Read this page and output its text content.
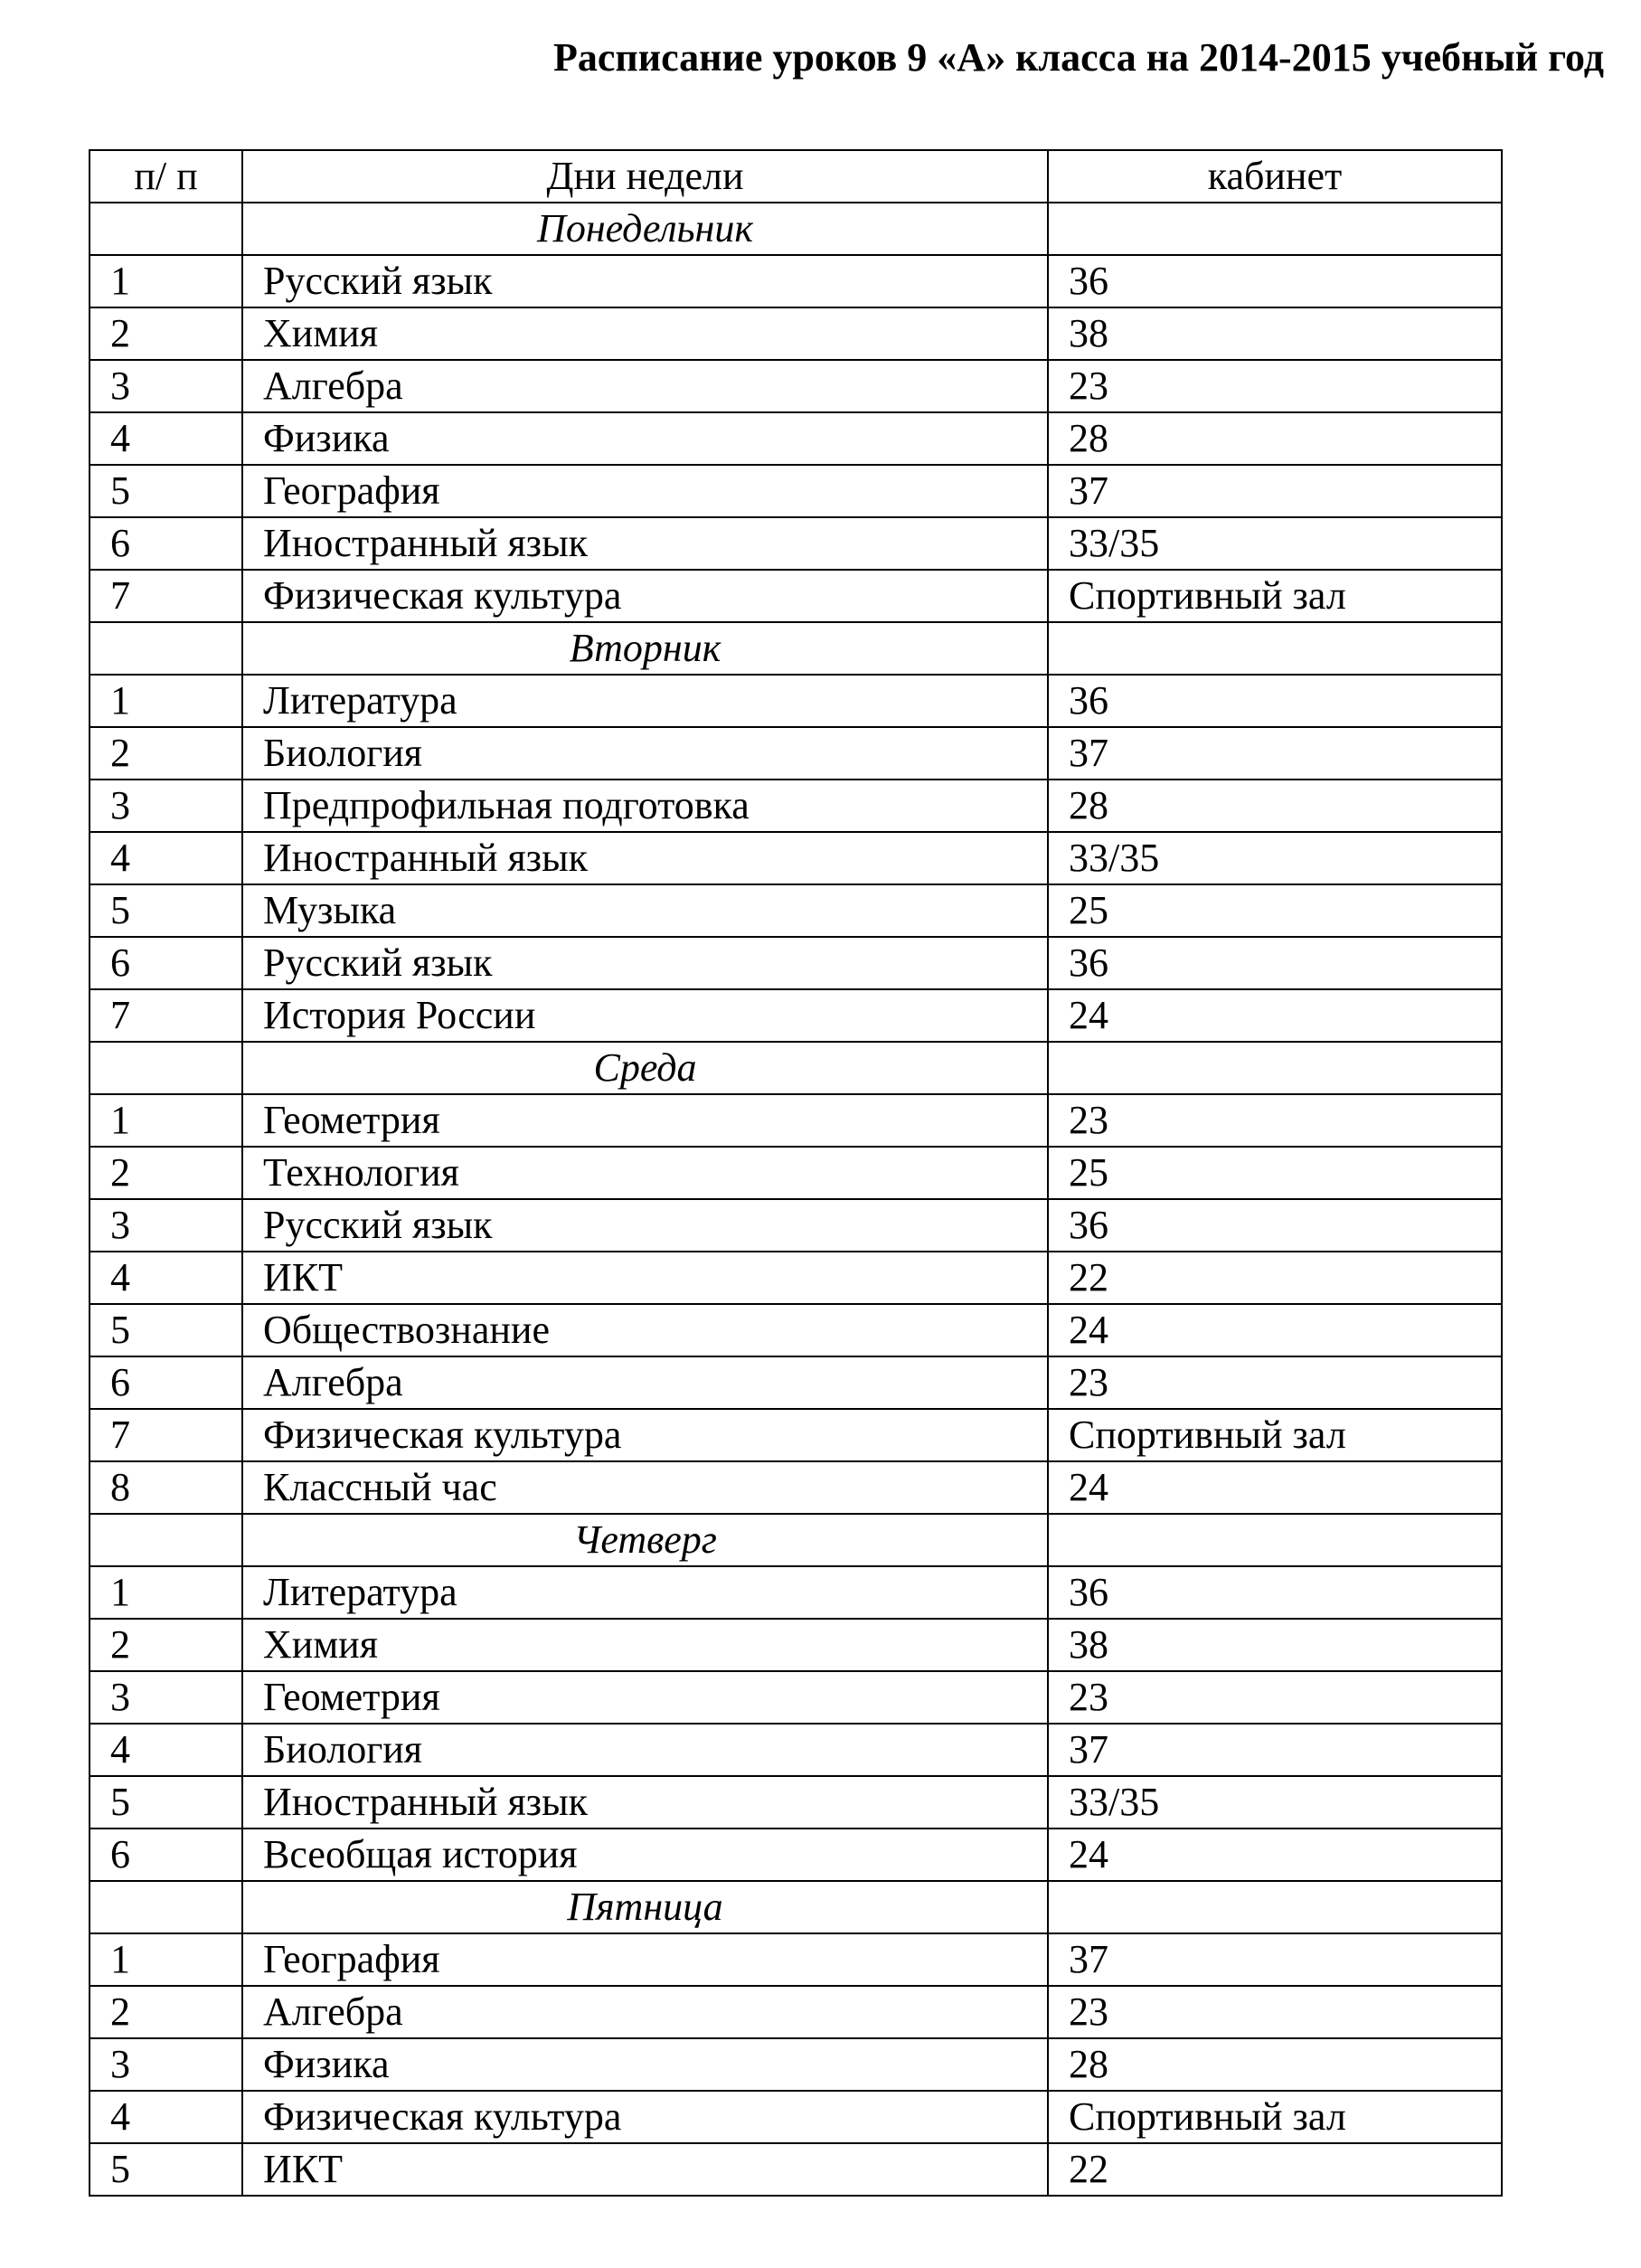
Расписание уроков 9 «А» класса на 2014-2015 учебный год
п/ п	Дни недели	кабинет
	Понедельник	
1	Русский язык	36
2	Химия	38
3	Алгебра	23
4	Физика	28
5	География	37
6	Иностранный язык	33/35
7	Физическая культура	Спортивный зал
	Вторник	
1	Литература	36
2	Биология	37
3	Предпрофильная подготовка	28
4	Иностранный язык	33/35
5	Музыка	25
6	Русский язык	36
7	История России	24
	Среда	
1	Геометрия	23
2	Технология	25
3	Русский язык	36
4	ИКТ	22
5	Обществознание	24
6	Алгебра	23
7	Физическая культура	Спортивный зал
8	Классный час	24
	Четверг	
1	Литература	36
2	Химия	38
3	Геометрия	23
4	Биология	37
5	Иностранный язык	33/35
6	Всеобщая история	24
	Пятница	
1	География	37
2	Алгебра	23
3	Физика	28
4	Физическая культура	Спортивный зал
5	ИКТ	22
